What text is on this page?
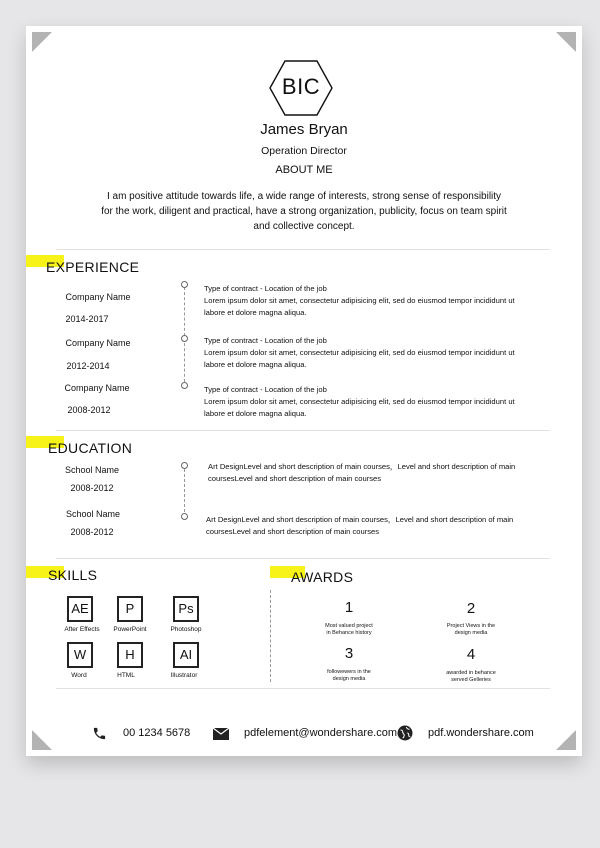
BIC
James Bryan
Operation Director
ABOUT ME
I am positive attitude towards life, a wide range of interests, strong sense of responsibility
for the work, diligent and practical, have a strong organization, publicity, focus on team spirit
and collective concept.
EXPERIENCE
Company Name
2014-2017
Type of contract - Location of the job
Lorem ipsum dolor sit amet, consectetur adipisicing elit, sed do eiusmod tempor incididunt ut
labore et dolore magna aliqua.
Company Name
2012-2014
Type of contract - Location of the job
Lorem ipsum dolor sit amet, consectetur adipisicing elit, sed do eiusmod tempor incididunt ut
labore et dolore magna aliqua.
Company Name
2008-2012
Type of contract - Location of the job
Lorem ipsum dolor sit amet, consectetur adipisicing elit, sed do eiusmod tempor incididunt ut
labore et dolore magna aliqua.
EDUCATION
School Name
2008-2012
Art DesignLevel and short description of main courses，Level and short description of main
coursesLevel and short description of main courses
School Name
2008-2012
Art DesignLevel and short description of main courses，Level and short description of main
coursesLevel and short description of main courses
SKILLS
AE
After Effects
P
PowerPoint
Ps
Photoshop
W
Word
H
HTML
AI
Illustrator
AWARDS
1
Most valued project
in Behance history
2
Project Views in the
design media
3
followewers in the
design media
4
awarded in behance
served Gelleries
00 1234 5678	pdfelement@wondershare.com	pdf.wondershare.com
